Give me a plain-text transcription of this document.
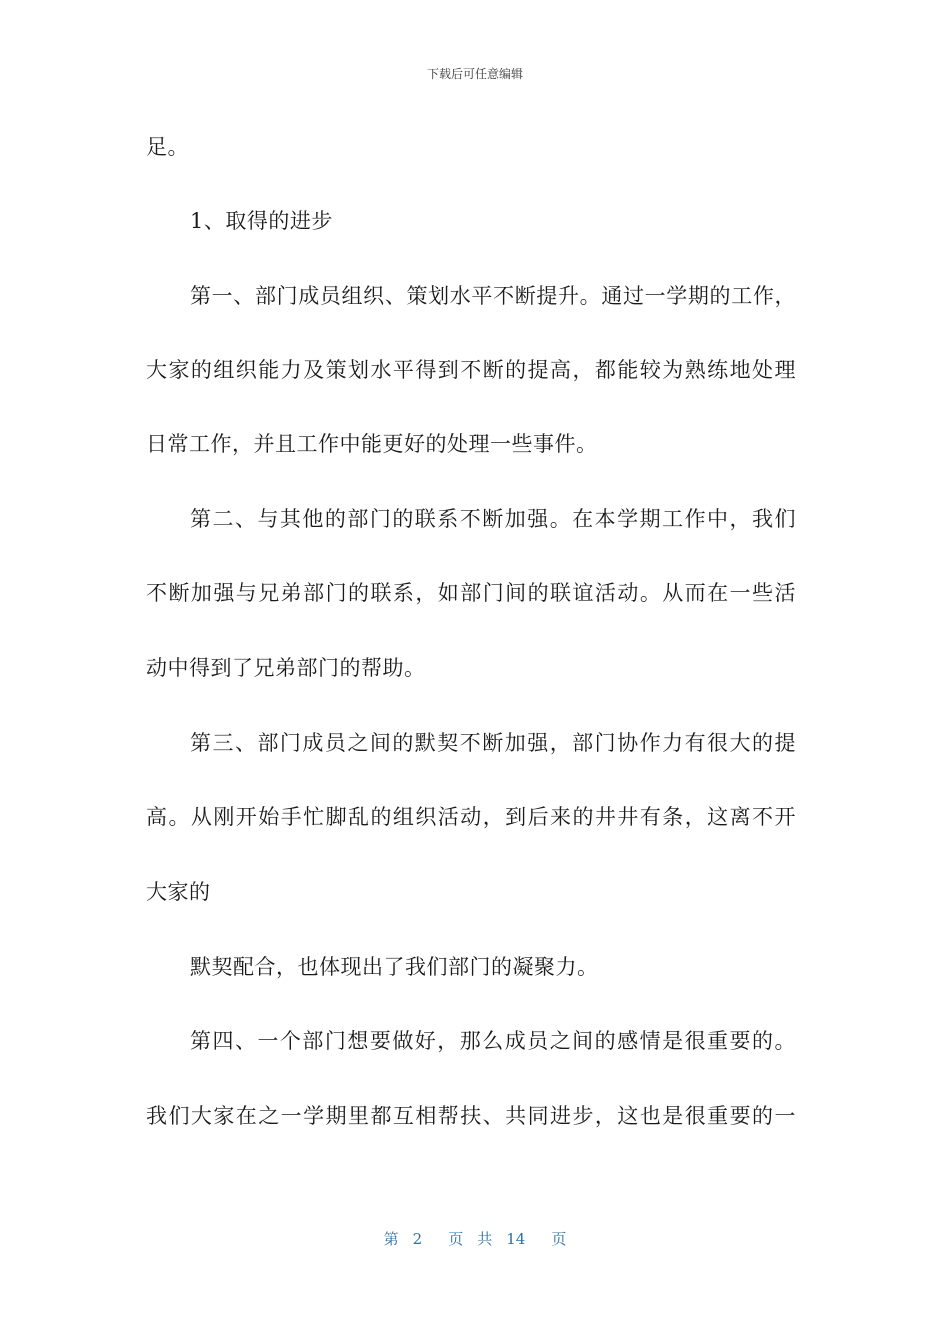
下载后可任意编辑
足。
1、取得的进步
第一、部门成员组织、策划水平不断提升。通过一学期的工作，
大家的组织能力及策划水平得到不断的提高，都能较为熟练地处理
日常工作，并且工作中能更好的处理一些事件。
第二、与其他的部门的联系不断加强。在本学期工作中，我们
不断加强与兄弟部门的联系，如部门间的联谊活动。从而在一些活
动中得到了兄弟部门的帮助。
第三、部门成员之间的默契不断加强，部门协作力有很大的提
高。从刚开始手忙脚乱的组织活动，到后来的井井有条，这离不开
大家的
默契配合，也体现出了我们部门的凝聚力。
第四、一个部门想要做好，那么成员之间的感情是很重要的。
我们大家在之一学期里都互相帮扶、共同进步，这也是很重要的一
第 2 页 共 14 页
